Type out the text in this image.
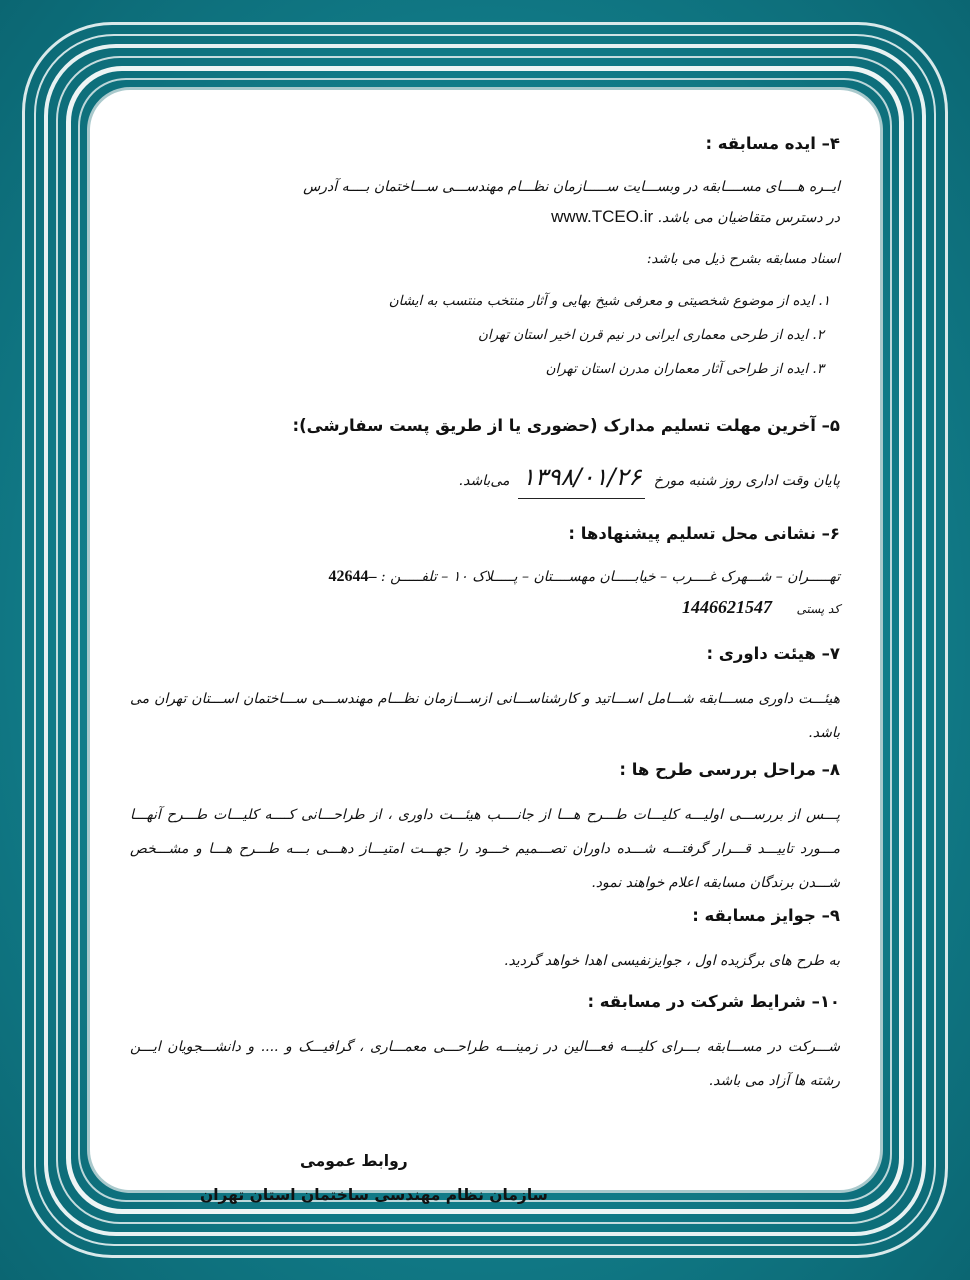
۴– ایده مسابقه :
ایــره هــــای مســــابقه در وبســـایت ســـــازمان نظـــام مهندســـی ســـاختمان بــــه آدرس
در دسترس متقاضیان می باشد. www.TCEO.ir
اسناد مسابقه بشرح ذیل می باشد:
۱. ایده از موضوع شخصیتی و معرفی شیخ بهایی و آثار منتخب منتسب به ایشان
۲. ایده از طرحی معماری ایرانی در نیم قرن اخیر استان تهران
۳. ایده از طراحی آثار معماران مدرن استان تهران
۵– آخرین مهلت تسلیم مدارک (حضوری یا از طریق پست سفارشی):
پایان وقت اداری روز شنبه مورخ ۱۳۹۸/۰۱/۲۶ می‌باشد.
۶– نشانی محل تسلیم پیشنهادها :
تهـــــران – شـــهرک غــــرب – خیابـــــان مهســــتان – پـــــلاک ۱۰ – تلفـــــن : 42644–
کد پستی 1446621547
۷– هیئت داوری :
هیئـــت داوری مســـابقه شـــامل اســـاتید و کارشناســـانی ازســـازمان نظـــام مهندســـی ســـاختمان اســـتان تهران می باشد.
۸– مراحل بررسی طرح ها :
پـــس از بررســـی اولیـــه کلیـــات طـــرح هـــا از جانــــب هیئـــت داوری ، از طراحـــانی کــــه کلیـــات طـــرح آنهـــا مـــورد تاییـــد قـــرار گرفتـــه شـــده داوران تصـــمیم خـــود را جهـــت امتیـــاز دهـــی بـــه طـــرح هـــا و مشـــخص شـــدن برندگان مسابقه اعلام خواهند نمود.
۹– جوایز مسابقه :
به طرح های برگزیده اول ، جوایزنفیسی اهدا خواهد گردید.
۱۰– شرایط شرکت در مسابقه :
شـــرکت در مســـابقه بـــرای کلیـــه فعـــالین در زمینـــه طراحـــی معمـــاری ، گرافیـــک و .... و دانشـــجویان ایـــن رشته ها آزاد می باشد.
روابط عمومی
سازمان نظام مهندسی ساختمان استان تهران
